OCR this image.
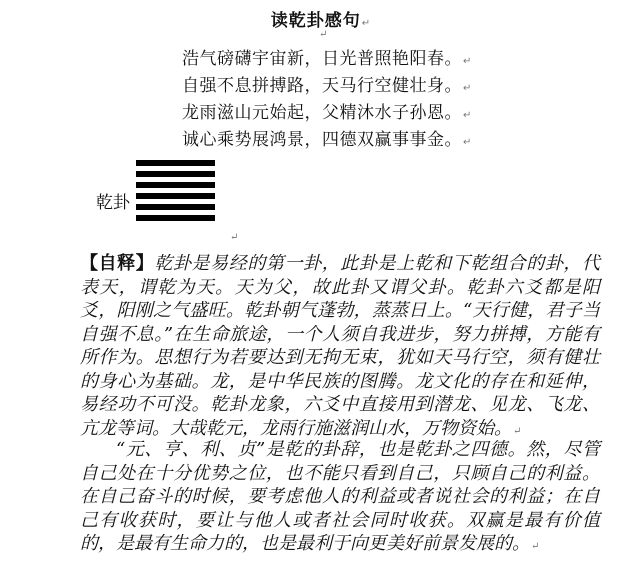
读乾卦感句↵
↵
浩气磅礴宇宙新，日光普照艳阳春。↵
自强不息拼搏路，天马行空健壮身。↵
龙雨滋山元始起，父精沐水子孙恩。↵
诚心乘势展鸿景，四德双赢事事金。↵
乾卦
↵
【自释】乾卦是易经的第一卦，此卦是上乾和下乾组合的卦，代表天，谓乾为天。天为父，故此卦又谓父卦。乾卦六爻都是阳爻，阳刚之气盛旺。乾卦朝气蓬勃，蒸蒸日上。“天行健，君子当自强不息。”在生命旅途，一个人须自我进步，努力拼搏，方能有所作为。思想行为若要达到无拘无束，犹如天马行空，须有健壮的身心为基础。龙，是中华民族的图腾。龙文化的存在和延伸，易经功不可没。乾卦龙象，六爻中直接用到潜龙、见龙、飞龙、亢龙等词。大哉乾元，龙雨行施滋润山水，万物资始。↵
“元、亨、利、贞”是乾的卦辞，也是乾卦之四德。然，尽管自己处在十分优势之位，也不能只看到自己，只顾自己的利益。在自己奋斗的时候，要考虑他人的利益或者说社会的利益；在自己有收获时，要让与他人或者社会同时收获。双赢是最有价值的，是最有生命力的，也是最利于向更美好前景发展的。↵
